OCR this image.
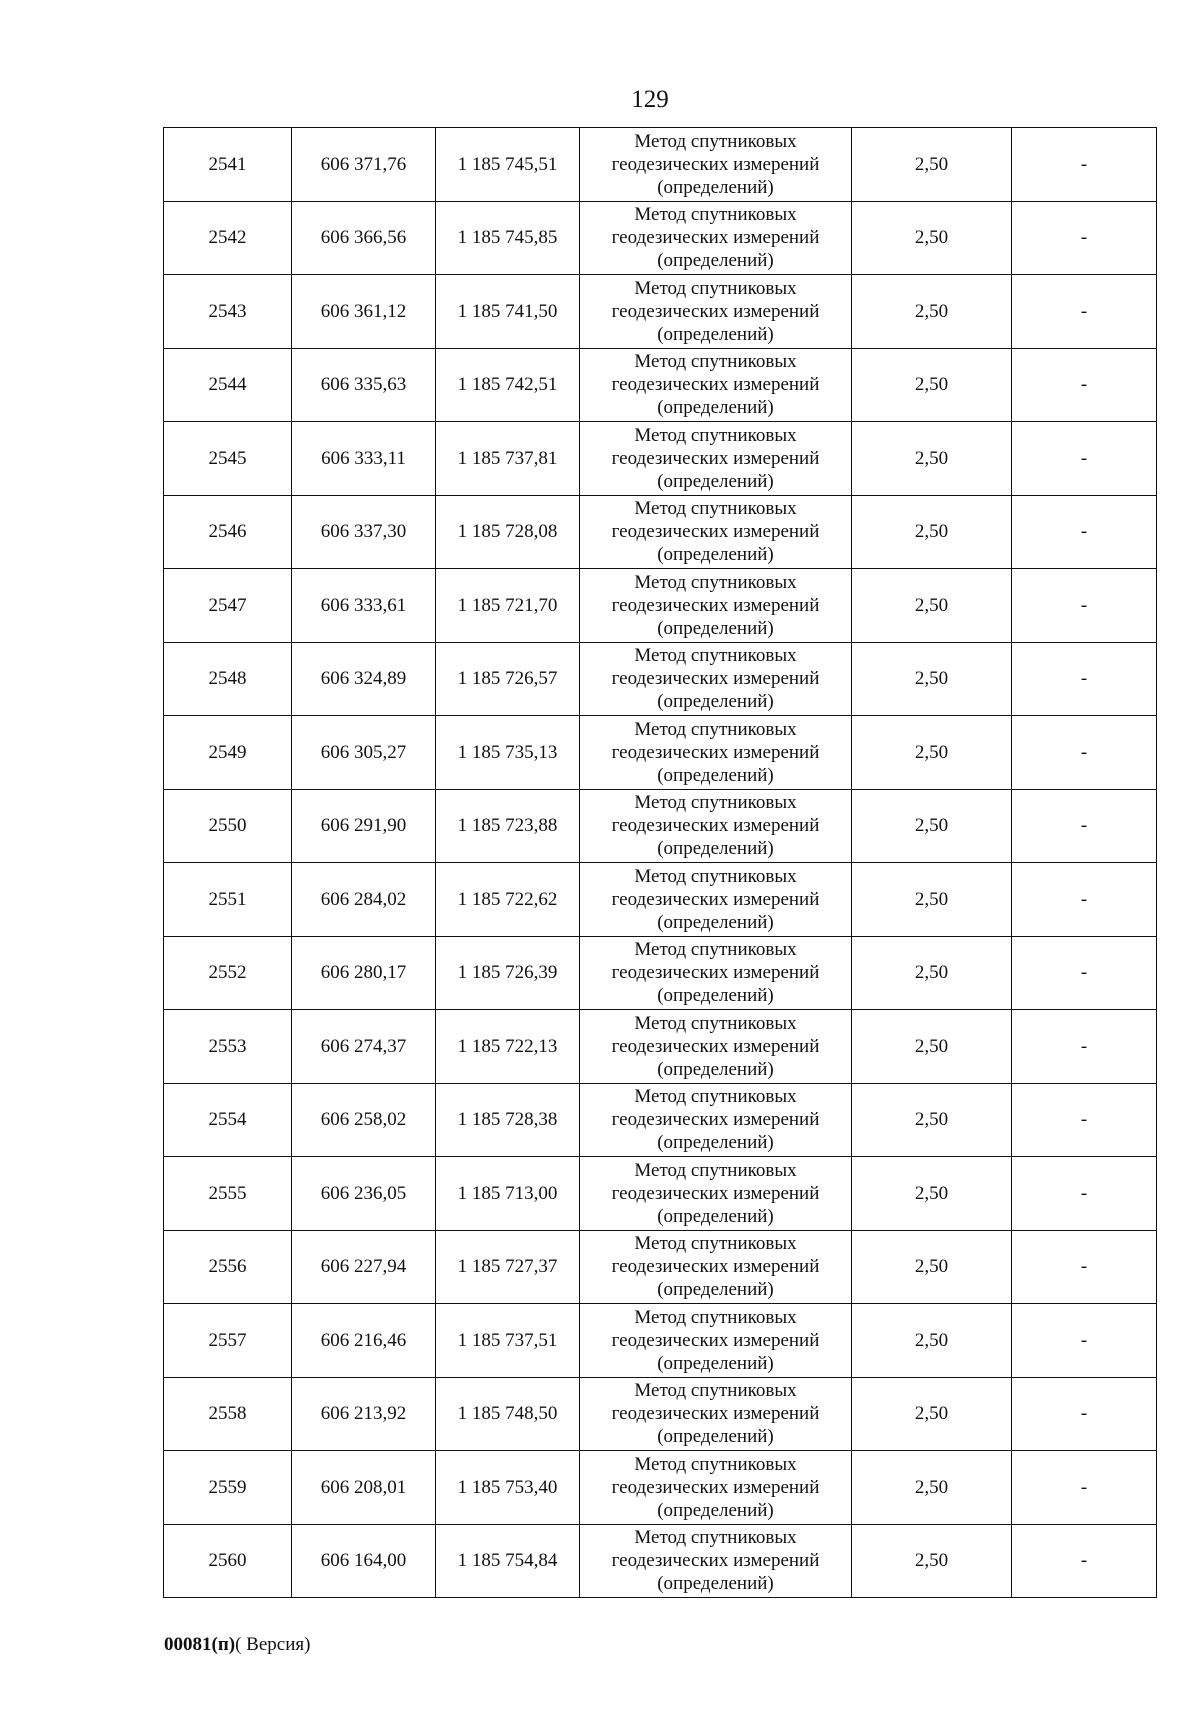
129
2541	606 371,76	1 185 745,51	Метод спутниковых
геодезических измерений
(определений)	2,50	-
2542	606 366,56	1 185 745,85	Метод спутниковых
геодезических измерений
(определений)	2,50	-
2543	606 361,12	1 185 741,50	Метод спутниковых
геодезических измерений
(определений)	2,50	-
2544	606 335,63	1 185 742,51	Метод спутниковых
геодезических измерений
(определений)	2,50	-
2545	606 333,11	1 185 737,81	Метод спутниковых
геодезических измерений
(определений)	2,50	-
2546	606 337,30	1 185 728,08	Метод спутниковых
геодезических измерений
(определений)	2,50	-
2547	606 333,61	1 185 721,70	Метод спутниковых
геодезических измерений
(определений)	2,50	-
2548	606 324,89	1 185 726,57	Метод спутниковых
геодезических измерений
(определений)	2,50	-
2549	606 305,27	1 185 735,13	Метод спутниковых
геодезических измерений
(определений)	2,50	-
2550	606 291,90	1 185 723,88	Метод спутниковых
геодезических измерений
(определений)	2,50	-
2551	606 284,02	1 185 722,62	Метод спутниковых
геодезических измерений
(определений)	2,50	-
2552	606 280,17	1 185 726,39	Метод спутниковых
геодезических измерений
(определений)	2,50	-
2553	606 274,37	1 185 722,13	Метод спутниковых
геодезических измерений
(определений)	2,50	-
2554	606 258,02	1 185 728,38	Метод спутниковых
геодезических измерений
(определений)	2,50	-
2555	606 236,05	1 185 713,00	Метод спутниковых
геодезических измерений
(определений)	2,50	-
2556	606 227,94	1 185 727,37	Метод спутниковых
геодезических измерений
(определений)	2,50	-
2557	606 216,46	1 185 737,51	Метод спутниковых
геодезических измерений
(определений)	2,50	-
2558	606 213,92	1 185 748,50	Метод спутниковых
геодезических измерений
(определений)	2,50	-
2559	606 208,01	1 185 753,40	Метод спутниковых
геодезических измерений
(определений)	2,50	-
2560	606 164,00	1 185 754,84	Метод спутниковых
геодезических измерений
(определений)	2,50	-
00081(п)( Версия)
